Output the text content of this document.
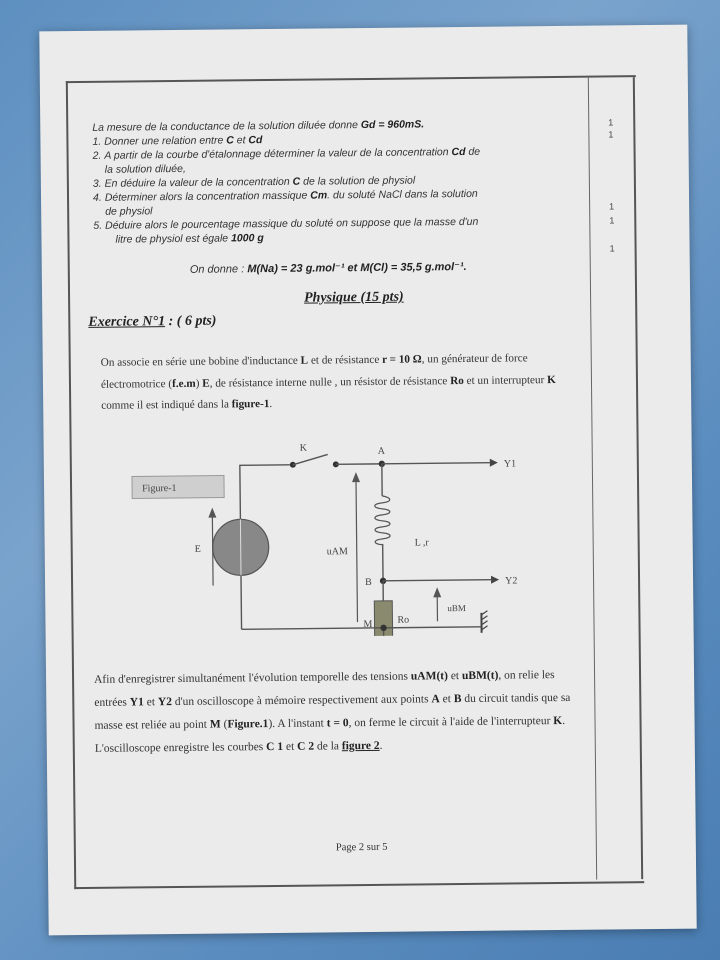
1
1
1
1
1
La mesure de la conductance de la solution diluée donne Gd = 960mS.
1. Donner une relation entre C et Cd
2. A partir de la courbe d'étalonnage déterminer la valeur de la concentration Cd de
la solution diluée,
3. En déduire la valeur de la concentration C de la solution de physiol
4. Déterminer alors la concentration massique Cm. du soluté NaCl dans la solution
de physiol
5. Déduire alors le pourcentage massique du soluté on suppose que la masse d'un
litre de physiol est égale 1000 g
On donne : M(Na) = 23 g.mol⁻¹ et M(Cl) = 35,5 g.mol⁻¹.
Physique (15 pts)
Exercice N°1 : ( 6 pts)
On associe en série une bobine d'inductance L et de résistance r = 10 Ω, un générateur de force électromotrice (f.e.m) E, de résistance interne nulle , un résistor de résistance Ro et un interrupteur K comme il est indiqué dans la figure-1.
Figure-1
K	A
Y1
L ,r
B	Y2
Ro
M
E	uAM
uBM
Afin d'enregistrer simultanément l'évolution temporelle des tensions uAM(t) et uBM(t), on relie les entrées Y1 et Y2 d'un oscilloscope à mémoire respectivement aux points A et B du circuit tandis que sa masse est reliée au point M (Figure.1). A l'instant t = 0, on ferme le circuit à l'aide de l'interrupteur K. L'oscilloscope enregistre les courbes C 1 et C 2 de la figure 2.
Page 2 sur 5
